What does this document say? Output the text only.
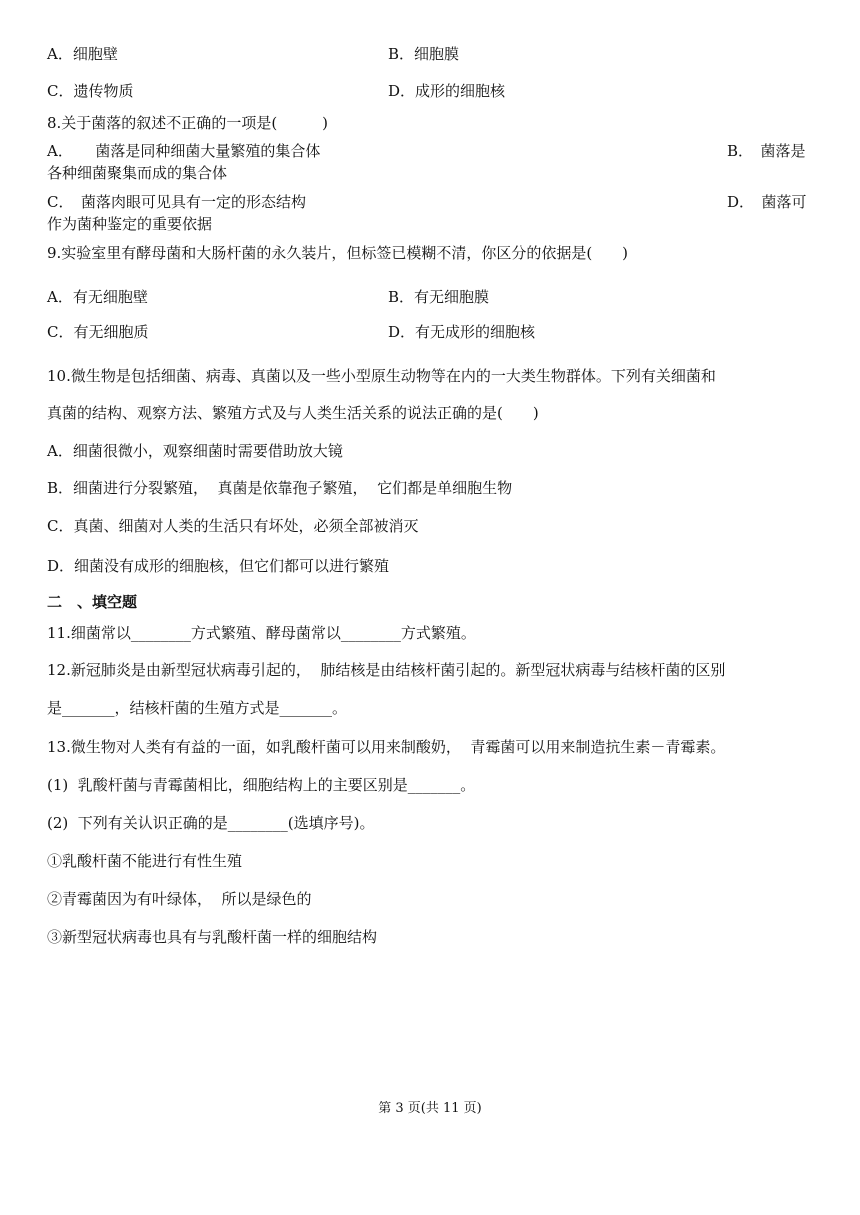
A．细胞壁	B．细胞膜
C．遗传物质	D．成形的细胞核
8.关于菌落的叙述不正确的一项是(　　　)
A．　　菌落是同种细菌大量繁殖的集合体	B．　菌落是
各种细菌聚集而成的集合体
C．　菌落肉眼可见具有一定的形态结构	D．　菌落可
作为菌种鉴定的重要依据
9.实验室里有酵母菌和大肠杆菌的永久装片，但标签已模糊不清，你区分的依据是(　　)
A．有无细胞壁	B．有无细胞膜
C．有无细胞质	D．有无成形的细胞核
10.微生物是包括细菌、病毒、真菌以及一些小型原生动物等在内的一大类生物群体。下列有关细菌和
真菌的结构、观察方法、繁殖方式及与人类生活关系的说法正确的是(　　)
A．细菌很微小，观察细菌时需要借助放大镜
B．细菌进行分裂繁殖，  真菌是依靠孢子繁殖，  它们都是单细胞生物
C．真菌、细菌对人类的生活只有坏处，必须全部被消灭
D．细菌没有成形的细胞核，但它们都可以进行繁殖
二　、填空题
11.细菌常以________方式繁殖、酵母菌常以________方式繁殖。
12.新冠肺炎是由新型冠状病毒引起的，  肺结核是由结核杆菌引起的。新型冠状病毒与结核杆菌的区别
是_______，结核杆菌的生殖方式是_______。
13.微生物对人类有有益的一面，如乳酸杆菌可以用来制酸奶，  青霉菌可以用来制造抗生素－青霉素。
(1)  乳酸杆菌与青霉菌相比，细胞结构上的主要区别是_______。
(2)  下列有关认识正确的是________(选填序号)。
①乳酸杆菌不能进行有性生殖
②青霉菌因为有叶绿体，  所以是绿色的
③新型冠状病毒也具有与乳酸杆菌一样的细胞结构
第 3 页(共 11 页)
